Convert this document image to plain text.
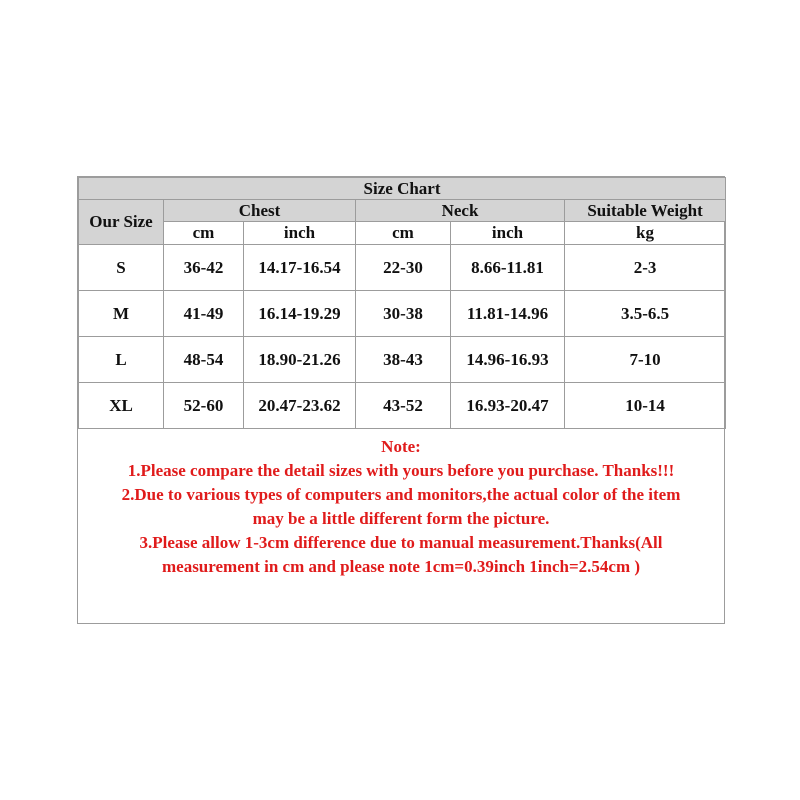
Size Chart					
Our Size	Chest		Neck		Suitable Weight
	cm	inch	cm	inch	kg
S	36-42	14.17-16.54	22-30	8.66-11.81	2-3
M	41-49	16.14-19.29	30-38	11.81-14.96	3.5-6.5
L	48-54	18.90-21.26	38-43	14.96-16.93	7-10
XL	52-60	20.47-23.62	43-52	16.93-20.47	10-14
Note:
1.Please compare the detail sizes with yours before you purchase. Thanks!!!
2.Due to various types of computers and monitors,the actual color of the item
may be a little different form the picture.
3.Please allow 1-3cm difference due to manual measurement.Thanks(All
measurement in cm and please note 1cm=0.39inch 1inch=2.54cm )
